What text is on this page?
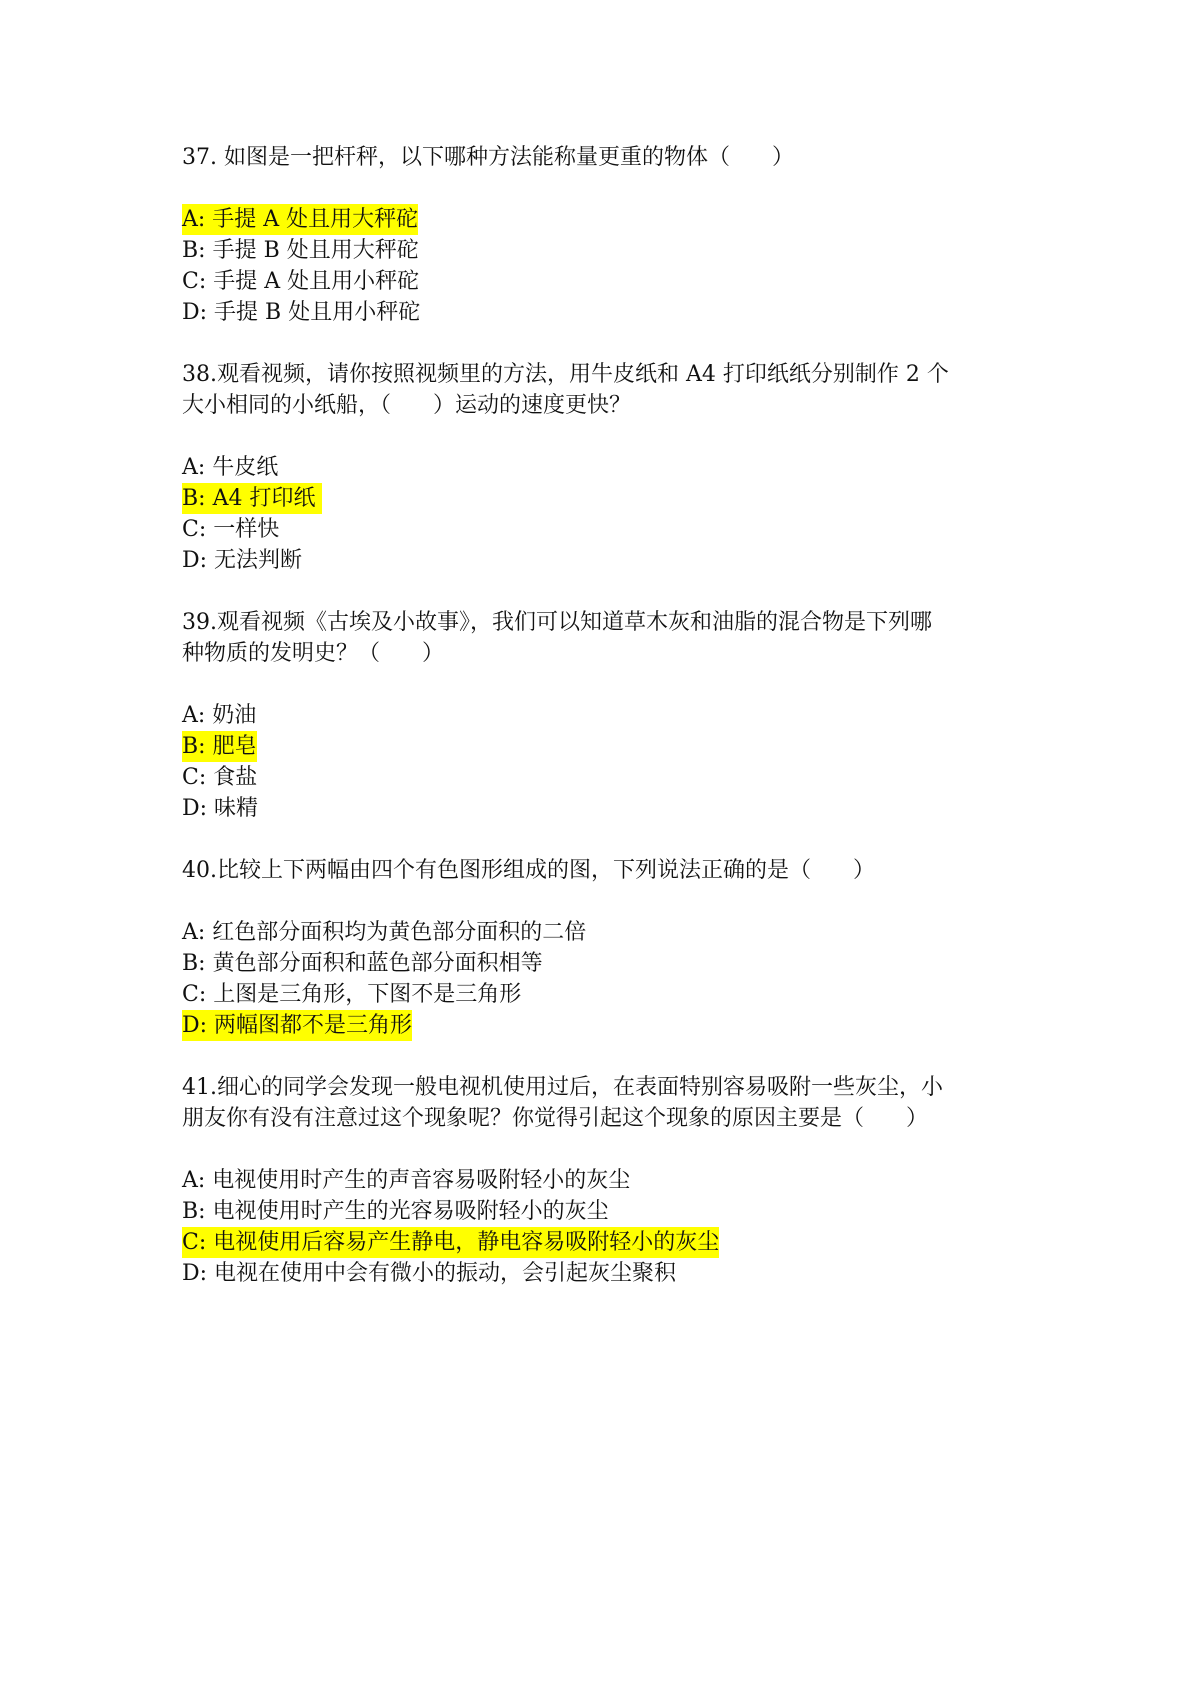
37. 如图是一把杆秤，以下哪种方法能称量更重的物体（      ）
A: 手提 A 处且用大秤砣
B: 手提 B 处且用大秤砣
C: 手提 A 处且用小秤砣
D: 手提 B 处且用小秤砣
38.观看视频，请你按照视频里的方法，用牛皮纸和 A4 打印纸纸分别制作 2 个
大小相同的小纸船，（      ）运动的速度更快？
A: 牛皮纸
B: A4 打印纸
C: 一样快
D: 无法判断
39.观看视频《古埃及小故事》，我们可以知道草木灰和油脂的混合物是下列哪
种物质的发明史？（      ）
A: 奶油
B: 肥皂
C: 食盐
D: 味精
40.比较上下两幅由四个有色图形组成的图，下列说法正确的是（      ）
A: 红色部分面积均为黄色部分面积的二倍
B: 黄色部分面积和蓝色部分面积相等
C: 上图是三角形，下图不是三角形
D: 两幅图都不是三角形
41.细心的同学会发现一般电视机使用过后，在表面特别容易吸附一些灰尘，小
朋友你有没有注意过这个现象呢？你觉得引起这个现象的原因主要是（      ）
A: 电视使用时产生的声音容易吸附轻小的灰尘
B: 电视使用时产生的光容易吸附轻小的灰尘
C: 电视使用后容易产生静电，静电容易吸附轻小的灰尘
D: 电视在使用中会有微小的振动，会引起灰尘聚积
